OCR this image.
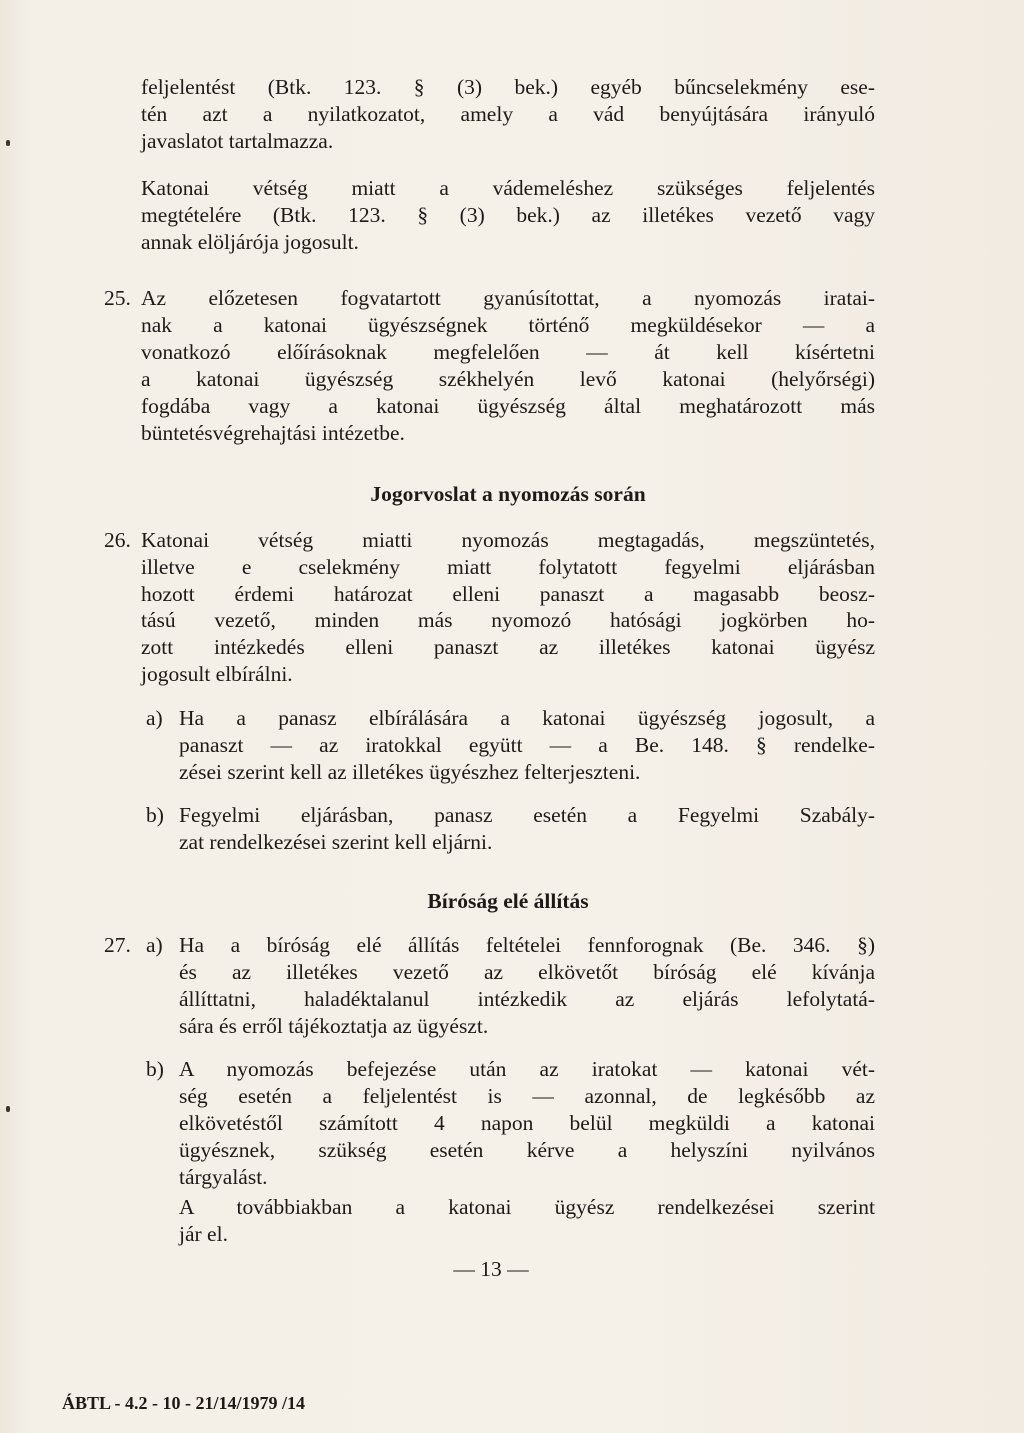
feljelentést (Btk. 123. § (3) bek.) egyéb bűncselekmény ese-
tén azt a nyilatkozatot, amely a vád benyújtására irányuló
javaslatot tartalmazza.
Katonai vétség miatt a vádemeléshez szükséges feljelentés
megtételére (Btk. 123. § (3) bek.) az illetékes vezető vagy
annak elöljárója jogosult.
25. Az előzetesen fogvatartott gyanúsítottat, a nyomozás iratai-
nak a katonai ügyészségnek történő megküldésekor — a
vonatkozó előírásoknak megfelelően — át kell kísértetni
a katonai ügyészség székhelyén levő katonai (helyőrségi)
fogdába vagy a katonai ügyészség által meghatározott más
büntetésvégrehajtási intézetbe.
Jogorvoslat a nyomozás során
26. Katonai vétség miatti nyomozás megtagadás, megszüntetés,
illetve e cselekmény miatt folytatott fegyelmi eljárásban
hozott érdemi határozat elleni panaszt a magasabb beosz-
tású vezető, minden más nyomozó hatósági jogkörben ho-
zott intézkedés elleni panaszt az illetékes katonai ügyész
jogosult elbírálni.
a) Ha a panasz elbírálására a katonai ügyészség jogosult, a
panaszt — az iratokkal együtt — a Be. 148. § rendelke-
zései szerint kell az illetékes ügyészhez felterjeszteni.
b) Fegyelmi eljárásban, panasz esetén a Fegyelmi Szabály-
zat rendelkezései szerint kell eljárni.
Bíróság elé állítás
27. a) Ha a bíróság elé állítás feltételei fennforognak (Be. 346. §)
és az illetékes vezető az elkövetőt bíróság elé kívánja
állíttatni, haladéktalanul intézkedik az eljárás lefolytatá-
sára és erről tájékoztatja az ügyészt.
b) A nyomozás befejezése után az iratokat — katonai vét-
ség esetén a feljelentést is — azonnal, de legkésőbb az
elkövetéstől számított 4 napon belül megküldi a katonai
ügyésznek, szükség esetén kérve a helyszíni nyilvános
tárgyalást.
A továbbiakban a katonai ügyész rendelkezései szerint
jár el.
— 13 —
ÁBTL - 4.2 - 10 - 21/14/1979 /14
